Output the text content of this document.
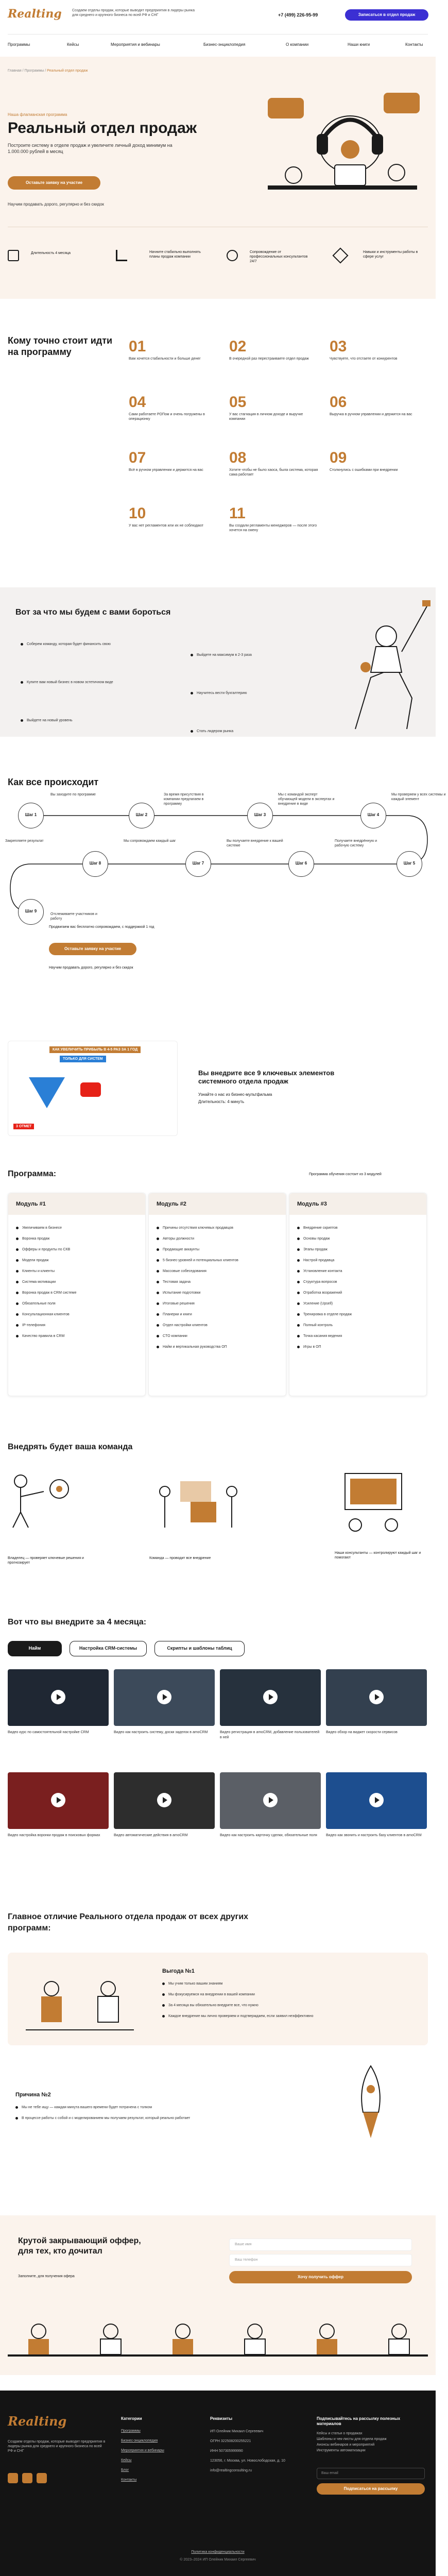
Realting	Создаем отделы продаж, которые выводят предприятия в лидеры рынка для среднего и крупного бизнеса по всей РФ и СНГ	+7 (499) 226-95-99	Записаться в отдел продаж
Программы	Кейсы	Мероприятия и вебинары	Бизнес-энциклопедия	О компании	Наши книги	Контакты
Главная / Программы / Реальный отдел продаж
Наша флагманская программа
Реальный отдел продаж
Построите систему в отделе продаж и увеличите личный доход минимум на 1.000.000 рублей в месяц
Оставьте заявку на участие
Научим продавать дорого, регулярно и без скидок
Длительность 4 месяца	Начните стабильно выполнять планы продаж компании
Сопровождение от профессиональных консультантов 24/7
Навыки и инструменты работы в сфере услуг
Кому точно стоит идти на программу	01
Вам хочется стабильности и больше денег
02
В очередной раз перестраиваете отдел продаж
03
Чувствуете, что отстаете от конкурентов
04
Сами работаете РОПом и очень погружены в операционку
05
У вас стагнация в личном доходе и выручке компании
06
Выручка в ручном управлении и держится на вас
07
Всё в ручном управлении и держится на вас
08
Хотите чтобы не было хаоса, была система, которая сама работает
09
Столкнулись с ошибками при внедрении
10
У вас нет регламентов или их не соблюдают
11
Вы создали регламенты менеджеров — после этого хочется на смену
Вот за что мы будем с вами бороться
Соберем команду, которая будет финансить свою
Выйдете на максимум в 2-3 раза
Купите вам новый бизнес в новом эстетичном виде
Научитесь вести бухгалтерию
Выйдете на новый уровень
Стать лидером рынка
Как все происходит
Продвигаем вас бесплатно сопровождаем, с поддержкой 1 год
Оставьте заявку на участие
Научим продавать дорого, регулярно и без скидок
Шаг 1
Вы заходите по программе
Шаг 2
За время присутствия в компании предлагаем в программу
Шаг 3
Мы с командой эксперт обучающей модели в экспертах и внедрение в виде
Шаг 4
Мы проверяем у всех системы и каждый элемент
Шаг 5
Получаете внедрённую и рабочую систему
Шаг 6
Вы получаете внедрение к вашей системе
Шаг 7
Мы сопровождаем каждый шаг
Шаг 8
Закрепляете результат
Шаг 9
Отслеживаете участников и работу
КАК УВЕЛИЧИТЬ ПРИБЫЛЬ В 4-5 РАЗ ЗА 1 ГОД
ТОЛЬКО ДЛЯ СИСТЕМ
3 ОТМЕТ
Вы внедрите все 9 ключевых элементов системного отдела продаж
Узнайте о нас из бизнес-мультфильма
Длительность: 4 минуть
Программа:	Программа обучения состоит из 3 модулей
Модуль #1
Увеличиваем в бизнесе
Воронка продаж
Офферы и продукты по СКВ
Модели продаж
Клиенты и клиенты
Система мотивации
Воронка продаж в CRM системе
Обязательные поля
Консультационная клиентов
IP-телефония
Качество правила в CRM
Модуль #2
Причины отсутствия ключевых продавцов
Авторы должности
Продающие аккаунты
5 бизнес-уровней и потенциальных клиентов
Массовые собеседования
Тестовая задача
Испытание подготовки
Итоговые решения
Планерки и книги
Отдел настройки клиентов
CTO компании
Найм и вертикальная руководства ОП
Модуль #3
Внедрение скриптов
Основы продаж
Этапы продаж
Настрой продавца
Установление контакта
Структура вопросов
Отработка возражений
Усиление (Upsell)
Тренировка в отделе продаж
Полный контроль
Точка касания ведения
Игры в ОП
Внедрять будет ваша команда
Владелец — проверяет ключевые решения и прогнозирует
Команда — проводит все внедрение
Наши консультанты — контролируют каждый шаг и помогают
Вот что вы внедрите за 4 месяца:
Найм	Настройка CRM-системы	Скрипты и шаблоны таблиц
Видео курс по самостоятельной настройке CRM	Видео как настроить систему, доски заделок в amoCRM	Видео регистрация в amoCRM, добавление пользователей в ней
Видео обзор на виджет скорости сервисов
Видео настройка воронки продаж в поисковых формах	Видео автоматические действия в amoCRM	Видео как настроить карточку сделки, обязательные поля	Видео как звонить и настроить базу клиентов в amoCRM
Главное отличие Реального отдела продаж от всех других программ:
Выгода №1
Мы учим только вашим знаниям
Мы фокусируемся на внедрении в вашей компании
За 4 месяца вы обязательно внедрите все, что нужно
Каждое внедрение мы лично проверяем и подтверждаем, если заявил неэффективно
Причина №2
Мы не тебе ищу — каждая минута вашего времени будет потрачена с толком
В процессе работы с собой и с моделированием мы получаем результат, который реально работает
Крутой закрывающий оффер, для тех, кто дочитал
Заполните, для получения офера
Ваше имя
Ваш телефон
Хочу получить оффер
Realting
Создаем отделы продаж, которые выводят предприятия в лидеры рынка для среднего и крупного бизнеса по всей РФ и СНГ
Категории
Программы
Бизнес-энциклопедия
Мероприятия и вебинары
Кейсы
Блог
Контакты
Реквизиты
ИП Олейник Михаил Сергеевич
ОГРН 322508200255221
ИНН 507305999990
123056, г. Москва, ул. Новослободская, д. 10
info@realtingconsulting.ru
Подписывайтесь на рассылку полезных материалов
Кейсы и статьи о продажах
Шаблоны и чек-листы для отдела продаж
Анонсы вебинаров и мероприятий
Инструменты автоматизации
Ваш email
Подписаться на рассылку
Политика конфиденциальности
© 2023–2024 ИП Олейник Михаил Сергеевич
